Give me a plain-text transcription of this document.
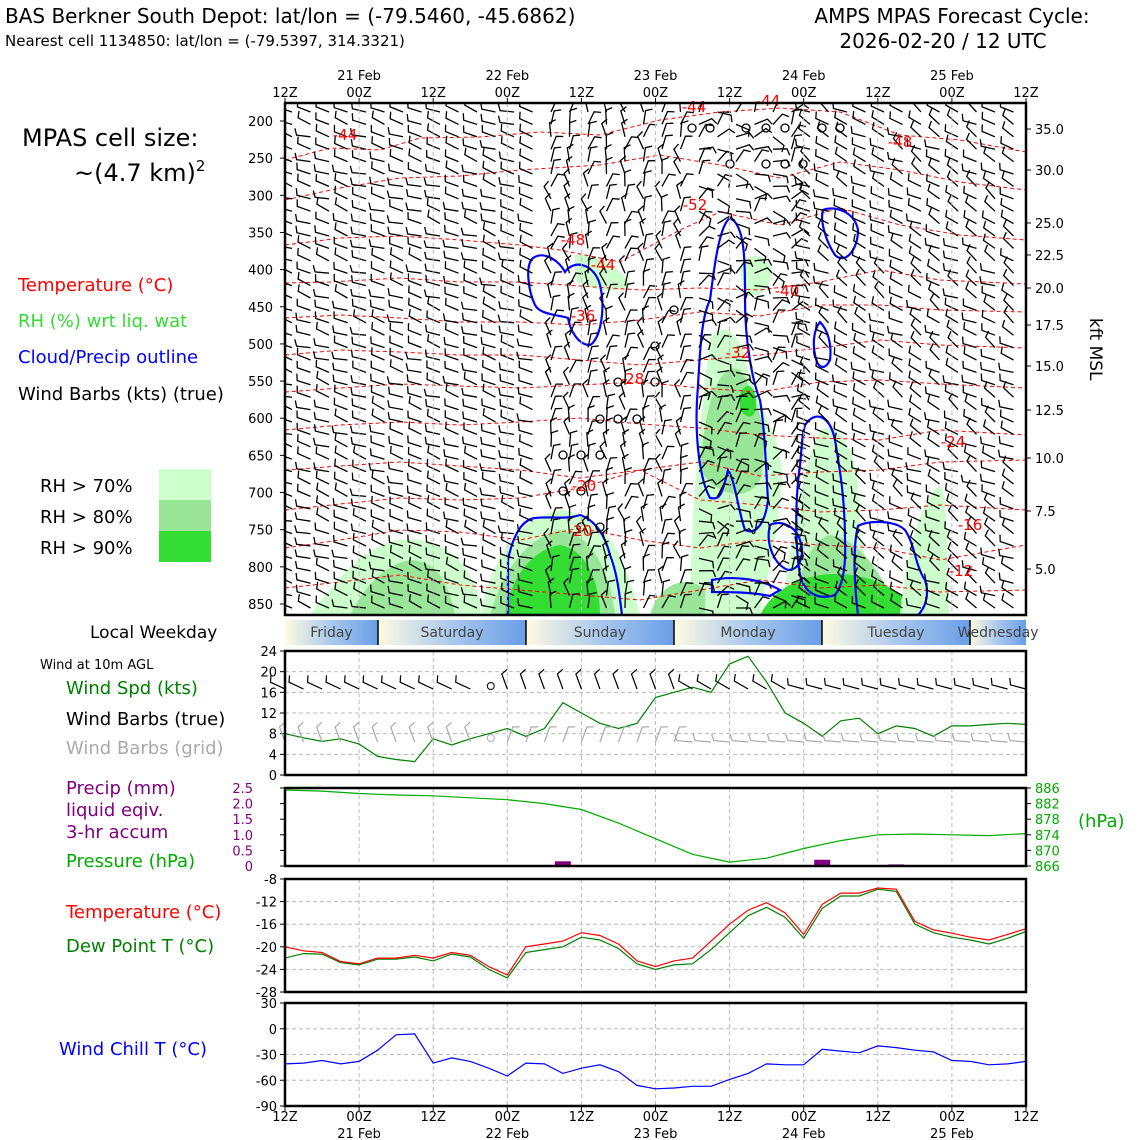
BAS Berkner South Depot: lat/lon = (-79.5460, -45.6862)
Nearest cell 1134850: lat/lon = (-79.5397, 314.3321)
AMPS MPAS Forecast Cycle:
2026-02-20 / 12 UTC
MPAS cell size:
~(4.7 km)$^2$
Temperature (°C)
RH (%) wrt liq. wat
Cloud/Precip outline
Wind Barbs (kts) (true)
RH > 70%
RH > 80%
RH > 90%
-44
-44	-44
-48
-52
-48
-44
-40
-36
-32
-28
-24
-20
-20	-16
-12
200
250
300
350
400
450
500
550
600
650
700
750
800
850
35.0
30.0
25.0
22.5
20.0
17.5
15.0
12.5
10.0
7.5
5.0
12Z	00Z	12Z	00Z	12Z	00Z	12Z	00Z	12Z	00Z	12Z
21 Feb	22 Feb	23 Feb	24 Feb	25 Feb
Local Weekday	Friday	Saturday	Sunday	Monday	Tuesday Wednesday
Wind at 10m AGL
Wind Spd (kts)
Wind Barbs (true)
Wind Barbs (grid)
Precip (mm)
liquid eqiv.
3-hr accum
Pressure (hPa)
(hPa)
Temperature (°C)
Dew Point T (°C)
Wind Chill T (°C)
kft MSL
0
4
8
12
16
20
24
2.5
2.0
1.5
1.0
0.5
0
886
882
878
874
870
866
-8
-12
-16
-20
-24
-28
30
0
-30
-60
-90
12Z	00Z	12Z	00Z	12Z	00Z	12Z	00Z	12Z	00Z	12Z
21 Feb	22 Feb	23 Feb	24 Feb	25 Feb
